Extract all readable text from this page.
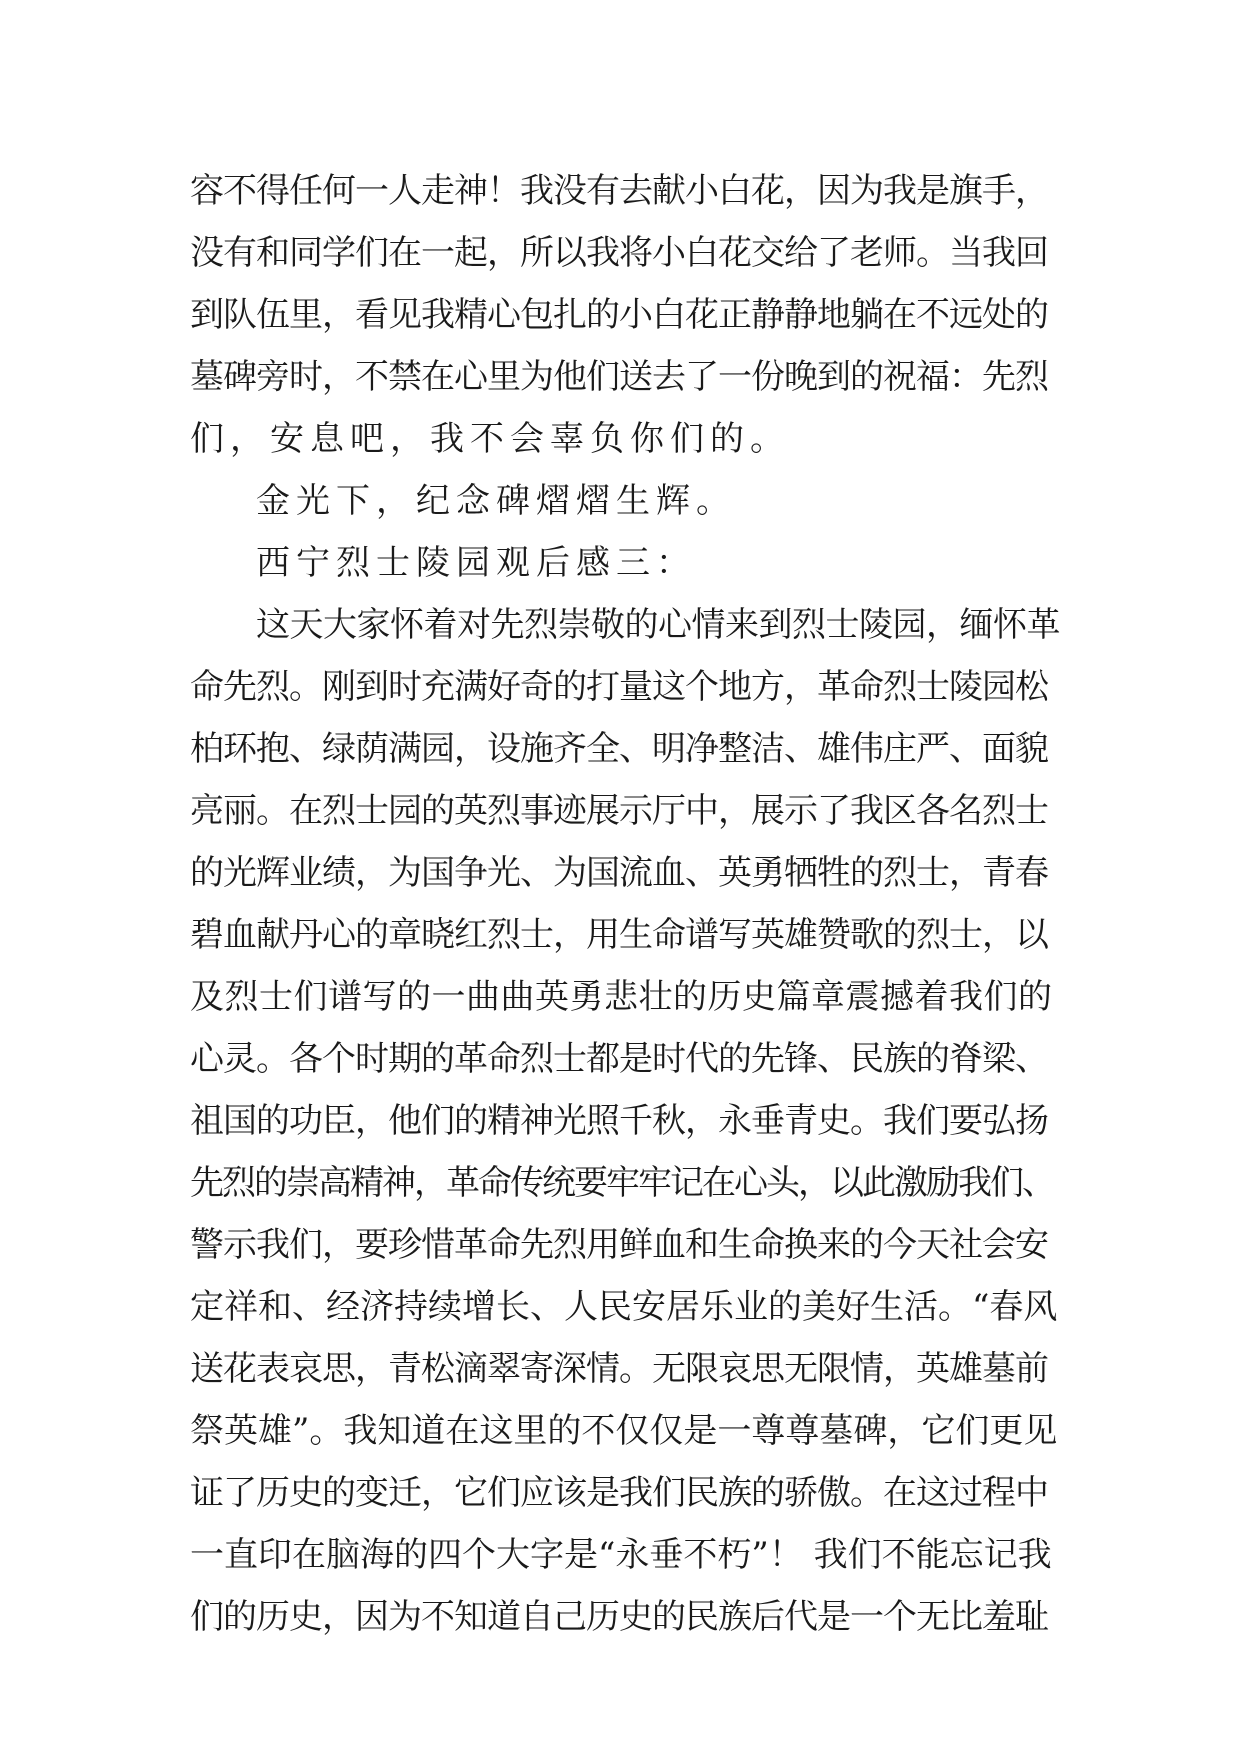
容不得任何一人走神！我没有去献小白花，因为我是旗手，
没有和同学们在一起，所以我将小白花交给了老师。当我回
到队伍里，看见我精心包扎的小白花正静静地躺在不远处的
墓碑旁时，不禁在心里为他们送去了一份晚到的祝福：先烈
们，安息吧，我不会辜负你们的。
金光下，纪念碑熠熠生辉。
西宁烈士陵园观后感三：
这天大家怀着对先烈崇敬的心情来到烈士陵园，缅怀革
命先烈。刚到时充满好奇的打量这个地方，革命烈士陵园松
柏环抱、绿荫满园，设施齐全、明净整洁、雄伟庄严、面貌
亮丽。在烈士园的英烈事迹展示厅中，展示了我区各名烈士
的光辉业绩，为国争光、为国流血、英勇牺牲的烈士，青春
碧血献丹心的章晓红烈士，用生命谱写英雄赞歌的烈士，以
及烈士们谱写的一曲曲英勇悲壮的历史篇章震撼着我们的
心灵。各个时期的革命烈士都是时代的先锋、民族的脊梁、
祖国的功臣，他们的精神光照千秋，永垂青史。我们要弘扬
先烈的崇高精神，革命传统要牢牢记在心头，以此激励我们、
警示我们，要珍惜革命先烈用鲜血和生命换来的今天社会安
定祥和、经济持续增长、人民安居乐业的美好生活。“春风
送花表哀思，青松滴翠寄深情。无限哀思无限情，英雄墓前
祭英雄”。我知道在这里的不仅仅是一尊尊墓碑，它们更见
证了历史的变迁，它们应该是我们民族的骄傲。在这过程中
一直印在脑海的四个大字是“永垂不朽”！ 我们不能忘记我
们的历史，因为不知道自己历史的民族后代是一个无比羞耻
